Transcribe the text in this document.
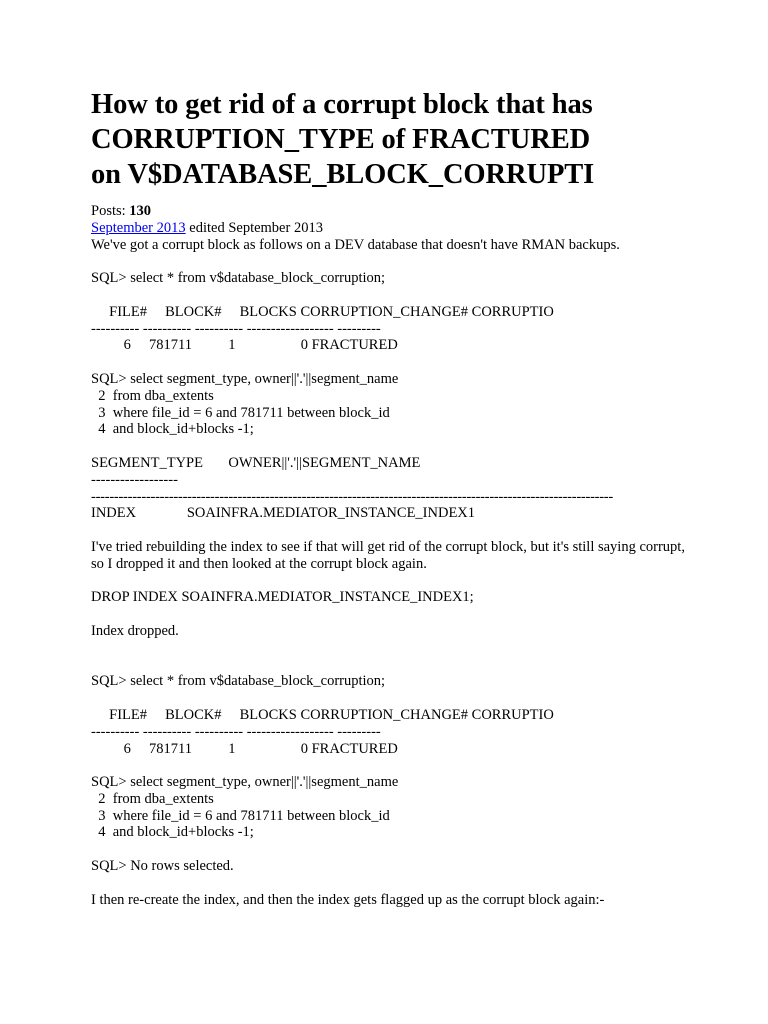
How to get rid of a corrupt block that has
CORRUPTION_TYPE of FRACTURED
on V$DATABASE_BLOCK_CORRUPTI
Posts: 130
September 2013 edited September 2013
We've got a corrupt block as follows on a DEV database that doesn't have RMAN backups.
SQL> select * from v$database_block_corruption;
FILE#     BLOCK#     BLOCKS CORRUPTION_CHANGE# CORRUPTIO
---------- ---------- ---------- ------------------ ---------
6     781711          1                  0 FRACTURED
SQL> select segment_type, owner||'.'||segment_name
2  from dba_extents
3  where file_id = 6 and 781711 between block_id
4  and block_id+blocks -1;
SEGMENT_TYPE       OWNER||'.'||SEGMENT_NAME
------------------
------------------------------------------------------------------------------------------------------------------
INDEX              SOAINFRA.MEDIATOR_INSTANCE_INDEX1
I've tried rebuilding the index to see if that will get rid of the corrupt block, but it's still saying corrupt, so I dropped it and then looked at the corrupt block again.
DROP INDEX SOAINFRA.MEDIATOR_INSTANCE_INDEX1;
Index dropped.
SQL> select * from v$database_block_corruption;
FILE#     BLOCK#     BLOCKS CORRUPTION_CHANGE# CORRUPTIO
---------- ---------- ---------- ------------------ ---------
6     781711          1                  0 FRACTURED
SQL> select segment_type, owner||'.'||segment_name
2  from dba_extents
3  where file_id = 6 and 781711 between block_id
4  and block_id+blocks -1;
SQL> No rows selected.
I then re-create the index, and then the index gets flagged up as the corrupt block again:-
